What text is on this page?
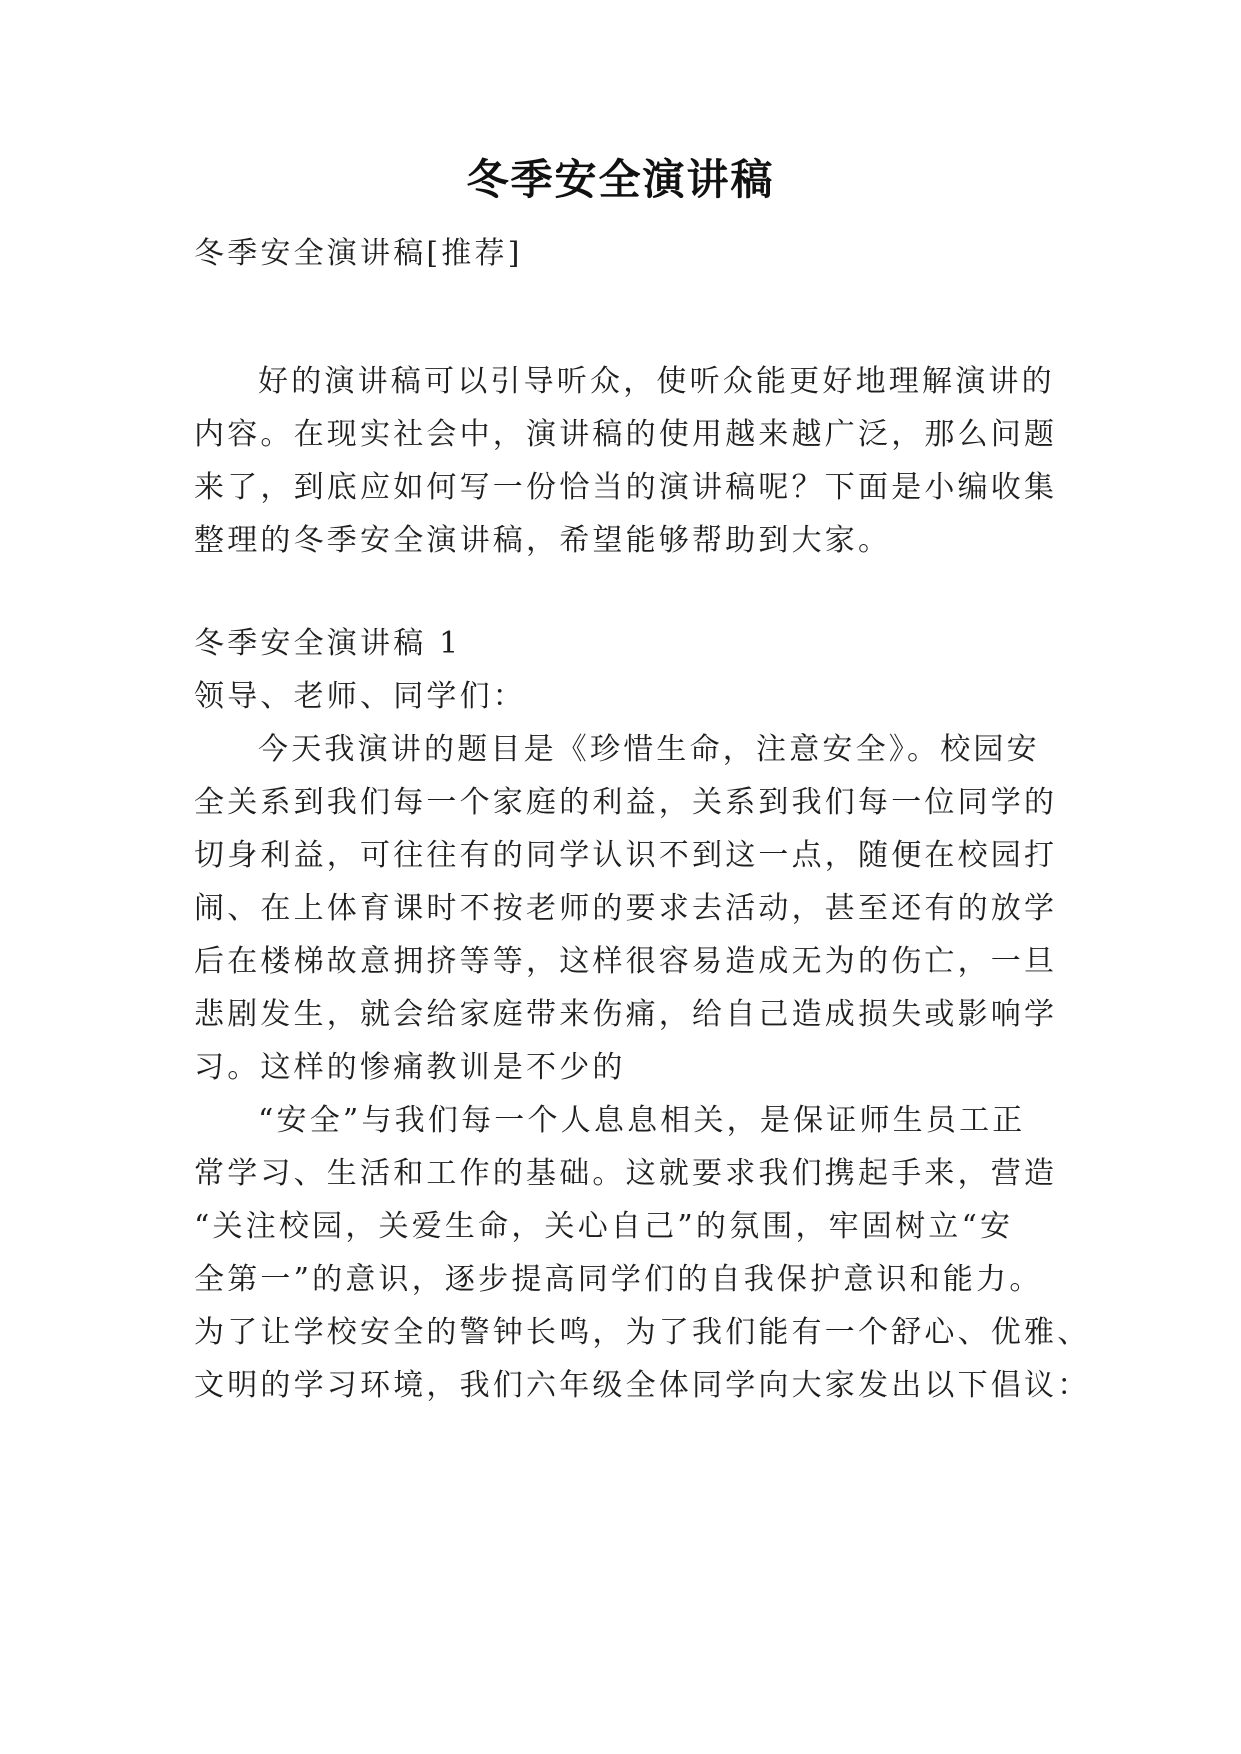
冬季安全演讲稿
冬季安全演讲稿[推荐]
好的演讲稿可以引导听众，使听众能更好地理解演讲的
内容。在现实社会中，演讲稿的使用越来越广泛，那么问题
来了，到底应如何写一份恰当的演讲稿呢？下面是小编收集
整理的冬季安全演讲稿，希望能够帮助到大家。
冬季安全演讲稿 1
领导、老师、同学们：
今天我演讲的题目是《珍惜生命，注意安全》。校园安
全关系到我们每一个家庭的利益，关系到我们每一位同学的
切身利益，可往往有的同学认识不到这一点，随便在校园打
闹、在上体育课时不按老师的要求去活动，甚至还有的放学
后在楼梯故意拥挤等等，这样很容易造成无为的伤亡，一旦
悲剧发生，就会给家庭带来伤痛，给自己造成损失或影响学
习。这样的惨痛教训是不少的
“安全”与我们每一个人息息相关，是保证师生员工正
常学习、生活和工作的基础。这就要求我们携起手来，营造
“关注校园，关爱生命，关心自己”的氛围，牢固树立“安
全第一”的意识，逐步提高同学们的自我保护意识和能力。
为了让学校安全的警钟长鸣，为了我们能有一个舒心、优雅、
文明的学习环境，我们六年级全体同学向大家发出以下倡议：
